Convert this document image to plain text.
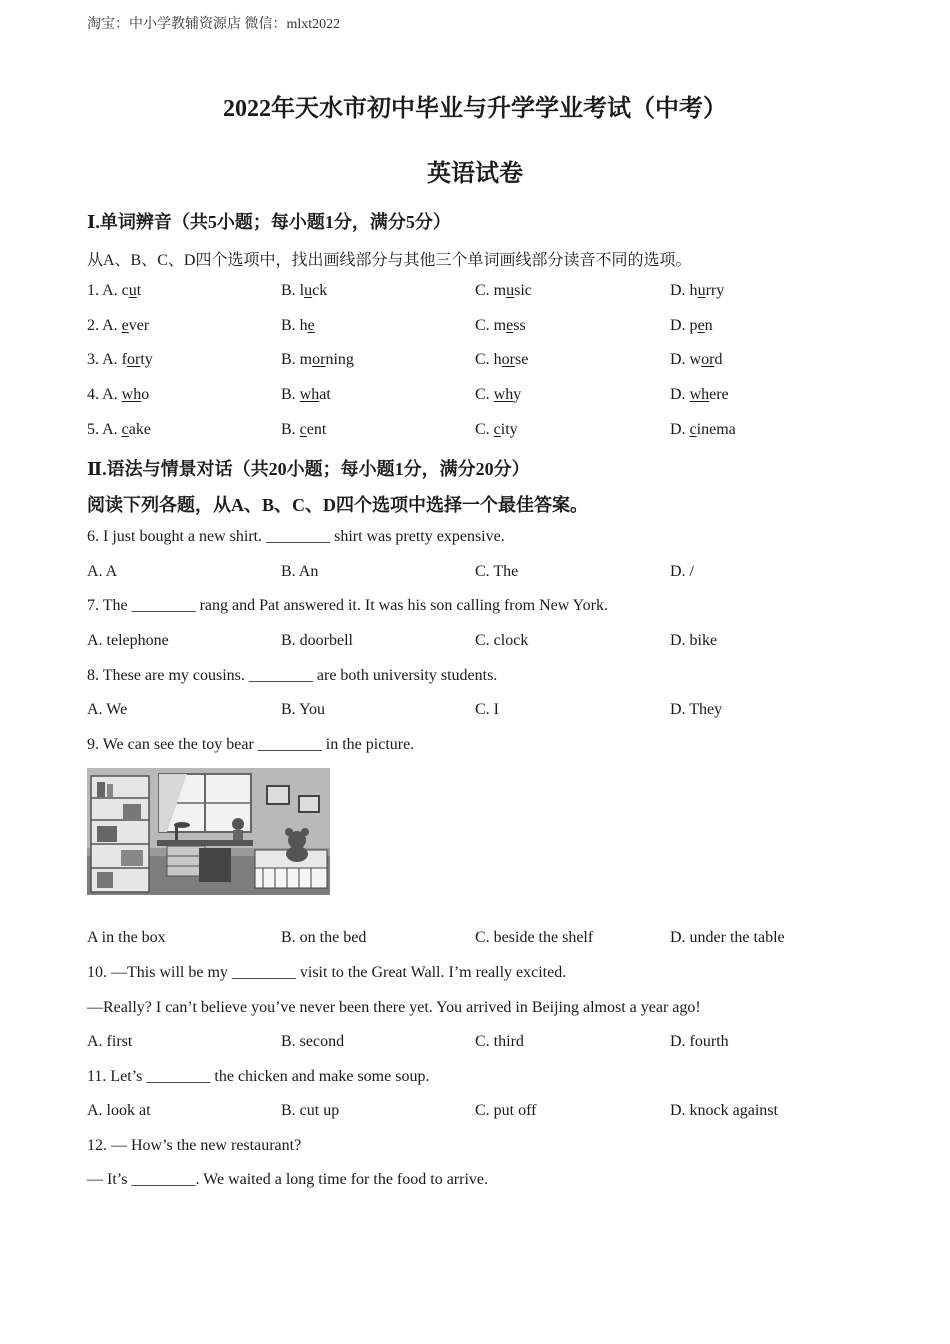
淘宝：中小学教辅资源店 微信：mlxt2022
2022年天水市初中毕业与升学学业考试（中考）
英语试卷
Ⅰ.单词辨音（共5小题；每小题1分，满分5分）
从A、B、C、D四个选项中，找出画线部分与其他三个单词画线部分读音不同的选项。
1. A. cut	B. luck	C. music	D. hurry
2. A. ever	B. he	C. mess	D. pen
3. A. forty	B. morning	C. horse	D. word
4. A. who	B. what	C. why	D. where
5. A. cake	B. cent	C. city	D. cinema
Ⅱ.语法与情景对话（共20小题；每小题1分，满分20分）
阅读下列各题，从A、B、C、D四个选项中选择一个最佳答案。
6. I just bought a new shirt. ________ shirt was pretty expensive.
A. A	B. An	C. The	D. /
7. The ________ rang and Pat answered it. It was his son calling from New York.
A. telephone	B. doorbell	C. clock	D. bike
8. These are my cousins. ________ are both university students.
A. We	B. You	C. I	D. They
9. We can see the toy bear ________ in the picture.
A in the box	B. on the bed	C. beside the shelf	D. under the table
10. —This will be my ________ visit to the Great Wall. I’m really excited.
—Really? I can’t believe you’ve never been there yet. You arrived in Beijing almost a year ago!
A. first	B. second	C. third	D. fourth
11. Let’s ________ the chicken and make some soup.
A. look at	B. cut up	C. put off	D. knock against
12. — How’s the new restaurant?
— It’s ________. We waited a long time for the food to arrive.
